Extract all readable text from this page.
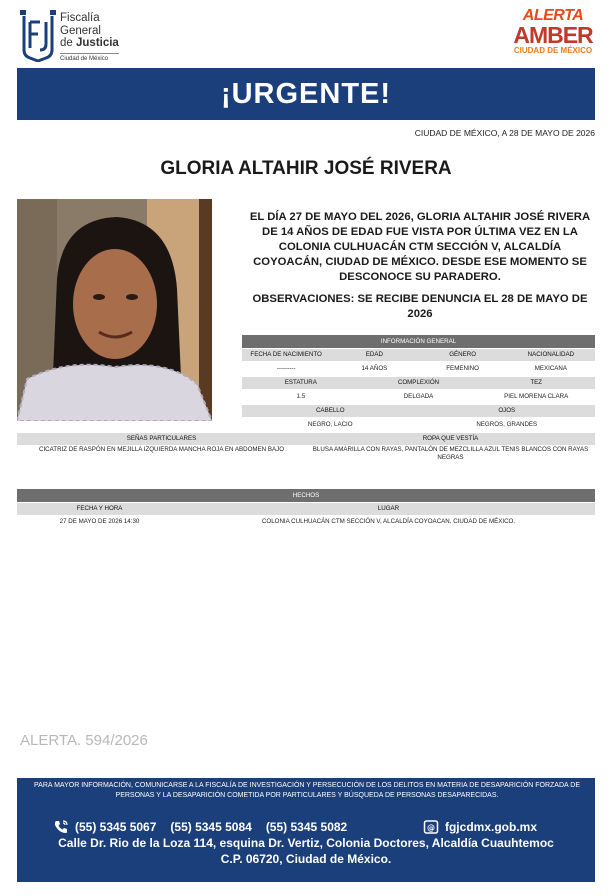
Fiscalía
General
de Justicia
Ciudad de México
ALERTA
AMBER
CIUDAD DE MÉXICO
¡URGENTE!
CIUDAD DE MÉXICO, A 28 DE MAYO DE 2026
GLORIA ALTAHIR JOSÉ RIVERA
EL DÍA 27 DE MAYO DEL 2026, GLORIA ALTAHIR JOSÉ RIVERA DE 14 AÑOS DE EDAD FUE VISTA POR ÚLTIMA VEZ EN LA COLONIA CULHUACÁN CTM SECCIÓN V, ALCALDÍA COYOACÁN, CIUDAD DE MÉXICO. DESDE ESE MOMENTO SE DESCONOCE SU PARADERO.
OBSERVACIONES: SE RECIBE DENUNCIA EL 28 DE MAYO DE 2026
INFORMACIÓN GENERAL
FECHA DE NACIMIENTO	EDAD	GÉNERO	NACIONALIDAD
---------	14 AÑOS	FEMENINO	MEXICANA
ESTATURA	COMPLEXIÓN	TEZ
1.5	DELGADA	PIEL MORENA CLARA
CABELLO	OJOS
NEGRO, LACIO	NEGROS, GRANDES
SEÑAS PARTICULARES	ROPA QUE VESTÍA
CICATRIZ DE RASPÓN EN MEJILLA IZQUIERDA MANCHA ROJA EN ABDOMEN BAJO	BLUSA AMARILLA CON RAYAS, PANTALÓN DE MEZCLILLA AZUL TENIS BLANCOS CON RAYAS NEGRAS
HECHOS
FECHA Y HORA	LUGAR
27 DE MAYO DE 2026 14:30	COLONIA CULHUACÁN CTM SECCIÓN V, ALCALDÍA COYOACAN, CIUDAD DE MÉXICO.
ALERTA. 594/2026
PARA MAYOR INFORMACIÓN, COMUNICARSE A LA FISCALÍA DE INVESTIGACIÓN Y PERSECUCIÓN DE LOS DELITOS EN MATERIA DE DESAPARICIÓN FORZADA DE PERSONAS Y LA DESAPARICIÓN COMETIDA POR PARTICULARES Y BÚSQUEDA DE PERSONAS DESAPARECIDAS.
(55) 5345 5067 (55) 5345 5084 (55) 5345 5082	@ fgjcdmx.gob.mx
Calle Dr. Rio de la Loza 114, esquina Dr. Vertiz, Colonia Doctores, Alcaldía Cuauhtemoc
C.P. 06720, Ciudad de México.
